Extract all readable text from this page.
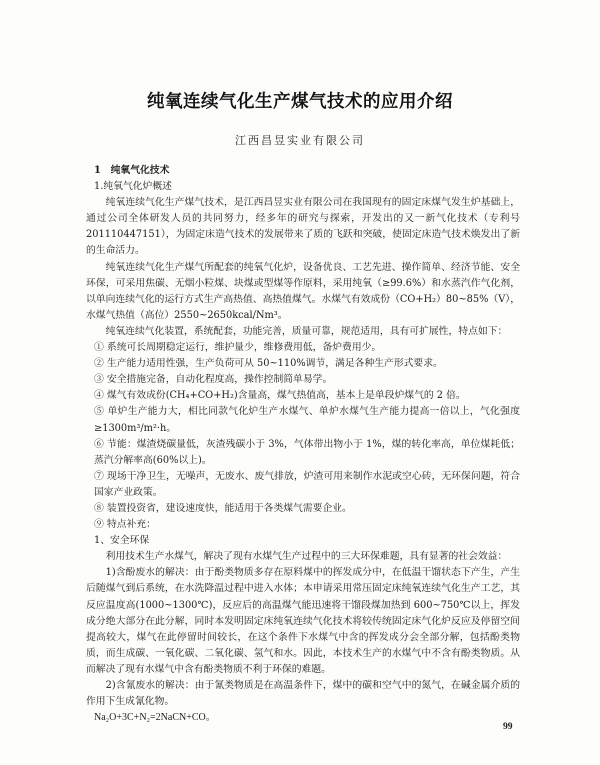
纯氧连续气化生产煤气技术的应用介绍
江西昌昱实业有限公司

1　纯氧气化技术

1.纯氧气化炉概述

纯氧连续气化生产煤气技术，是江西昌昱实业有限公司在我国现有的固定床煤气发生炉基础上，通过公司全体研发人员的共同努力，经多年的研究与探索，开发出的又一新气化技术（专利号201110447151），为固定床造气技术的发展带来了质的飞跃和突破，使固定床造气技术焕发出了新的生命活力。

纯氧连续气化生产煤气所配套的纯氧气化炉，设备优良、工艺先进、操作简单、经济节能、安全环保，可采用焦碳、无烟小粒煤、块煤或型煤等作原料，采用纯氧（≥99.6%）和水蒸汽作气化剂，以单向连续气化的运行方式生产高热值、高热值煤气。水煤气有效成份（CO+H₂）80~85%（V），水煤气热值（高位）2550~2650kcal/Nm³。

纯氧连续气化装置，系统配套，功能完善，质量可靠，规范适用，具有可扩展性，特点如下：

① 系统可长周期稳定运行，维护量少，维修费用低，备炉费用少。

② 生产能力适用性强，生产负荷可从 50~110%调节，满足各种生产形式要求。

③ 安全措施完备，自动化程度高，操作控制简单易学。

④ 煤气有效成份(CH₄+CO+H₂)含量高，煤气热值高，基本上是单段炉煤气的 2 倍。

⑤ 单炉生产能力大，相比同款气化炉生产水煤气、单炉水煤气生产能力提高一倍以上，气化强度≥1300m³/m²·h。

⑥ 节能：煤渣烧碳量低，灰渣残碳小于 3%，气体带出物小于 1%，煤的转化率高，单位煤耗低；蒸汽分解率高(60%以上)。

⑦ 现场干净卫生，无噪声，无废水、废气排放，炉渣可用来制作水泥或空心砖，无环保问题，符合国家产业政策。

⑧ 装置投资省，建设速度快，能适用于各类煤气需要企业。

⑨ 特点补充：

1、安全环保

利用技术生产水煤气，解决了现有水煤气生产过程中的三大环保难题，具有显著的社会效益：

1)含酚废水的解决：由于酚类物质多存在原料煤中的挥发成分中，在低温干馏状态下产生，产生后随煤气到后系统，在水洗降温过程中进入水体；本申请采用常压固定床纯氧连续气化生产工艺，其反应温度高(1000~1300℃)，反应后的高温煤气能迅速将干馏段煤加热到 600~750℃以上，挥发成分绝大部分在此分解，同时本发明固定床纯氧连续气化技术将较传统固定床气化炉反应及停留空间提高较大，煤气在此停留时间较长，在这个条件下水煤气中含的挥发成分会全部分解，包括酚类物质，而生成碳、一氧化碳、二氧化碳、氢气和水。因此，本技术生产的水煤气中不含有酚类物质。从而解决了现有水煤气中含有酚类物质不利于环保的难题。

2)含氰废水的解决：由于氰类物质是在高温条件下，煤中的碳和空气中的氮气，在碱金属介质的作用下生成氰化物。

Na₂O+3C+N₂=2NaCN+CO。

99
